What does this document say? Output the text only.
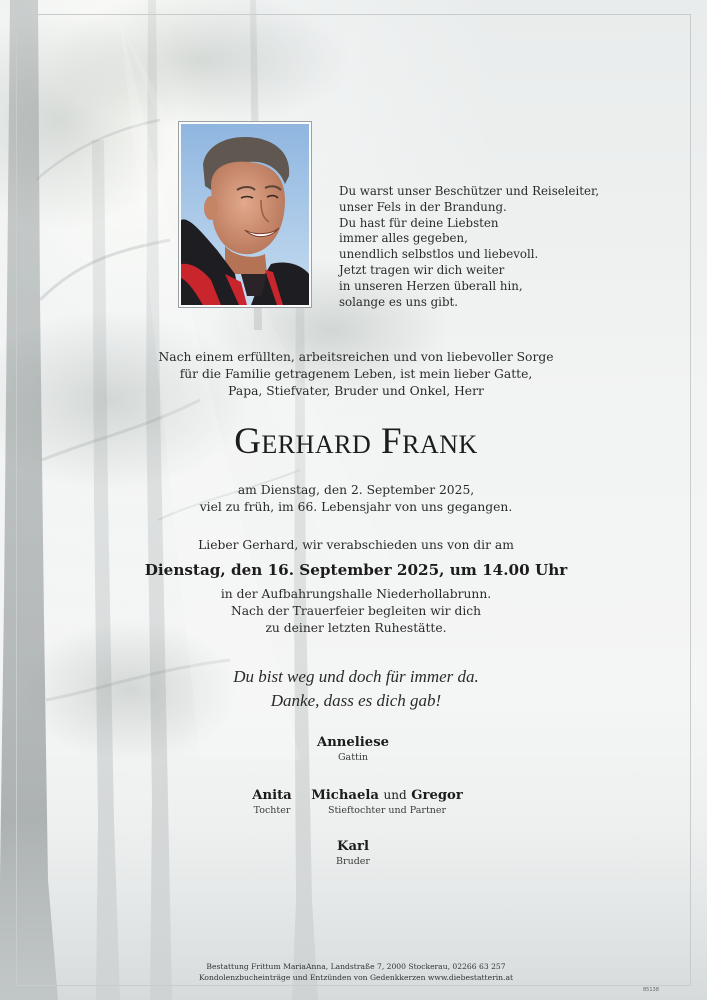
Du warst unser Beschützer und Reiseleiter,
unser Fels in der Brandung.
Du hast für deine Liebsten
immer alles gegeben,
unendlich selbstlos und liebevoll.
Jetzt tragen wir dich weiter
in unseren Herzen überall hin,
solange es uns gibt.
Nach einem erfüllten, arbeitsreichen und von liebevoller Sorge
für die Familie getragenem Leben, ist mein lieber Gatte,
Papa, Stiefvater, Bruder und Onkel, Herr
Gerhard Frank
am Dienstag, den 2. September 2025,
viel zu früh, im 66. Lebensjahr von uns gegangen.
Lieber Gerhard, wir verabschieden uns von dir am
Dienstag, den 16. September 2025, um 14.00 Uhr
in der Aufbahrungshalle Niederhollabrunn.
Nach der Trauerfeier begleiten wir dich
zu deiner letzten Ruhestätte.
Du bist weg und doch für immer da.
Danke, dass es dich gab!
Anneliese
Gattin
Anita
Tochter
Michaela und Gregor
Stieftochter und Partner
Karl
Bruder
Bestattung Frittum MariaAnna, Landstraße 7, 2000 Stockerau, 02266 63 257
Kondolenzbucheinträge und Entzünden von Gedenkkerzen www.diebestatterin.at
85138
